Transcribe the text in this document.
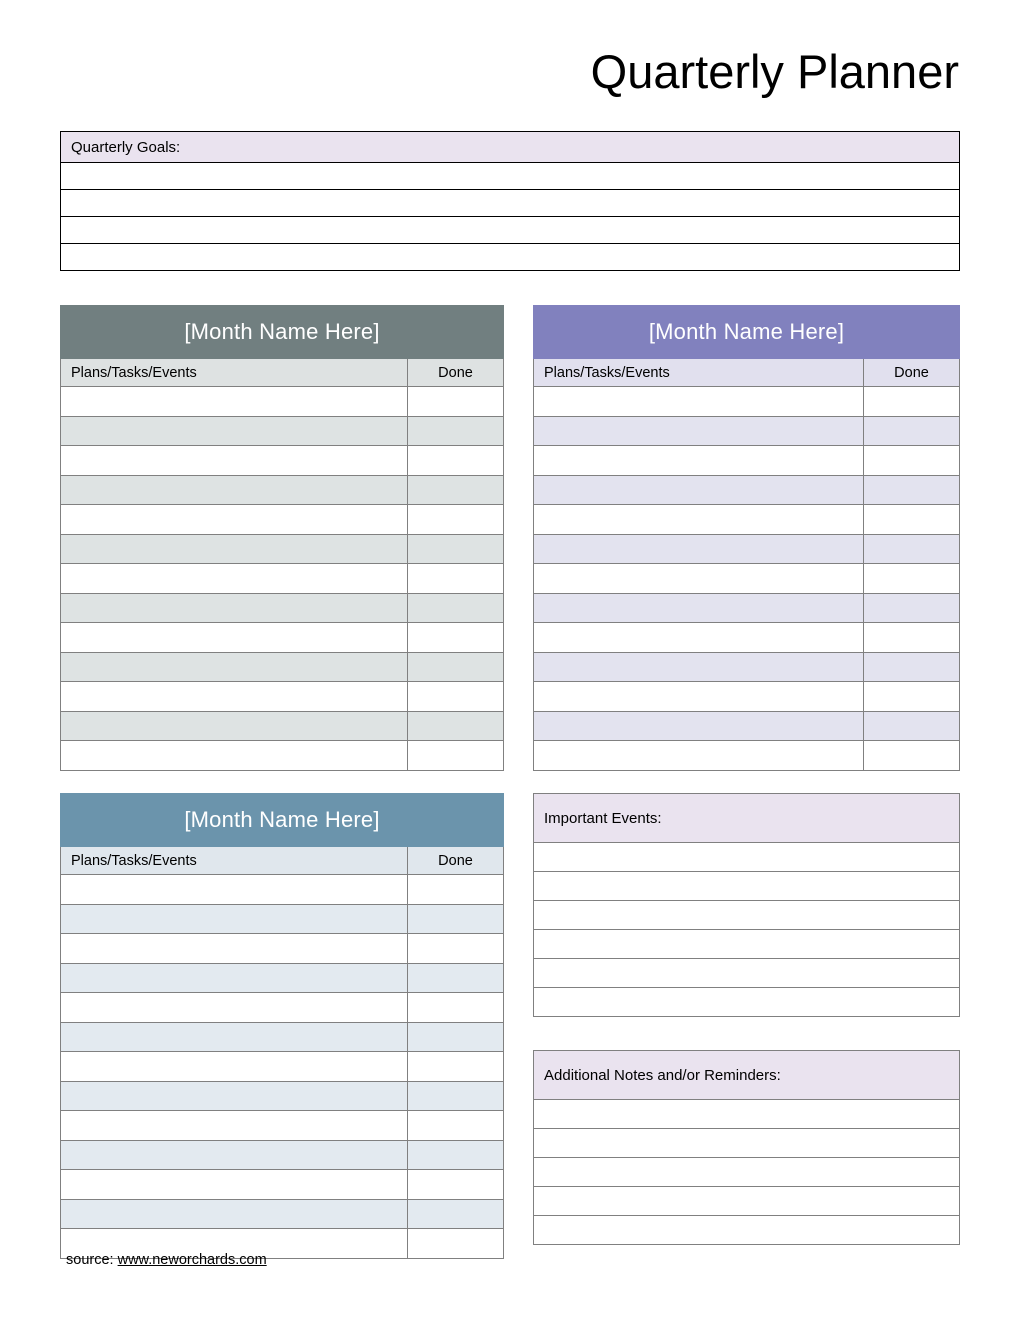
Quarterly Planner
Quarterly Goals:

[Month Name Here]	
Plans/Tasks/Events	Done

[Month Name Here]	
Plans/Tasks/Events	Done

[Month Name Here]	
Plans/Tasks/Events	Done

Important Events:

Additional Notes and/or Reminders:

source: www.neworchards.com
